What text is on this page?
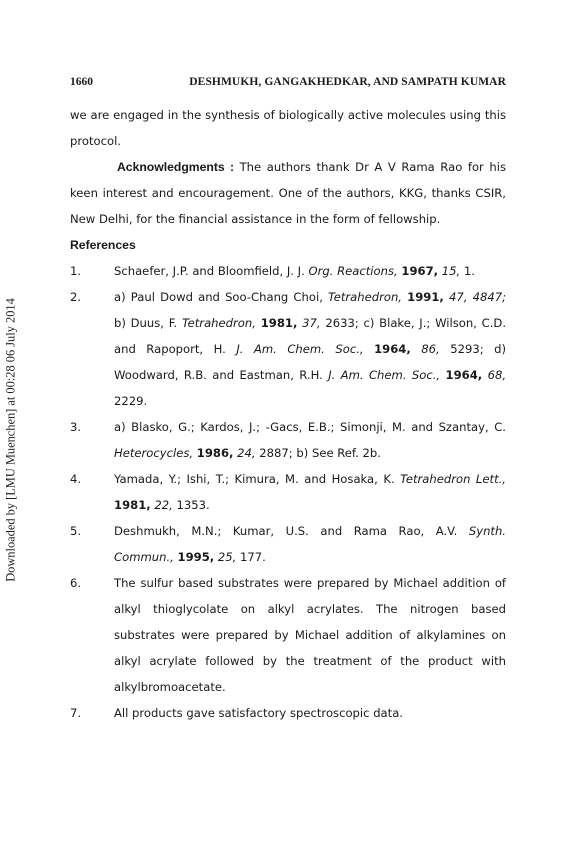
Downloaded by [LMU Muenchen] at 00:28 06 July 2014
1660	DESHMUKH, GANGAKHEDKAR, AND SAMPATH KUMAR

we are engaged in the synthesis of biologically active molecules using this protocol.

Acknowledgments : The authors thank Dr A V Rama Rao for his keen interest and encouragement. One of the authors, KKG, thanks CSIR, New Delhi, for the financial assistance in the form of fellowship.

References

1.	Schaefer, J.P. and Bloomfield, J. J. Org. Reactions, 1967, 15, 1.

2.	a) Paul Dowd and Soo-Chang Choi, Tetrahedron, 1991, 47, 4847; b) Duus, F. Tetrahedron, 1981, 37, 2633; c) Blake, J.; Wilson, C.D. and Rapoport, H. J. Am. Chem. Soc., 1964, 86, 5293; d) Woodward, R.B. and Eastman, R.H. J. Am. Chem. Soc., 1964, 68, 2229.

3.	a) Blasko, G.; Kardos, J.; -Gacs, E.B.; Simonji, M. and Szantay, C. Heterocycles, 1986, 24, 2887; b) See Ref. 2b.

4.	Yamada, Y.; Ishi, T.; Kimura, M. and Hosaka, K. Tetrahedron Lett., 1981, 22, 1353.

5.	Deshmukh, M.N.; Kumar, U.S. and Rama Rao, A.V. Synth. Commun., 1995, 25, 177.

6.	The sulfur based substrates were prepared by Michael addition of alkyl thioglycolate on alkyl acrylates. The nitrogen based substrates were prepared by Michael addition of alkylamines on alkyl acrylate followed by the treatment of the product with alkylbromoacetate.

7.	All products gave satisfactory spectroscopic data.
